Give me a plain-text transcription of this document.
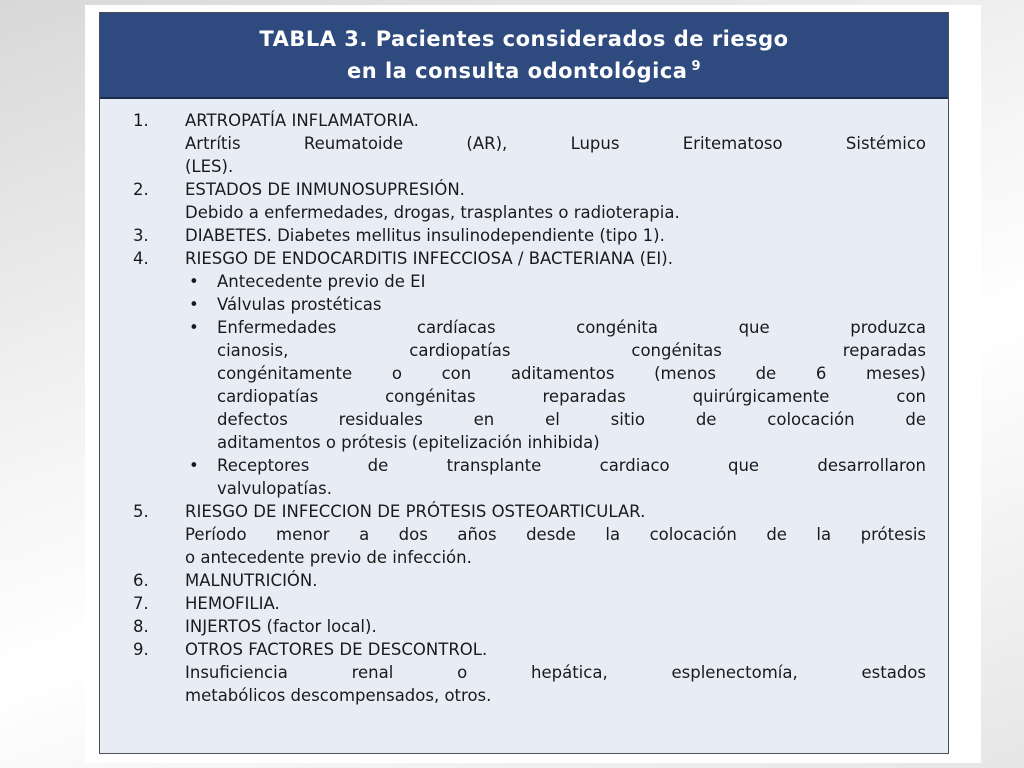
TABLA 3. Pacientes considerados de riesgo
en la consulta odontológica $^9$
1.	ARTROPATÍA INFLAMATORIA.
Artrítis Reumatoide (AR), Lupus Eritematoso Sistémico
(LES).
2.	ESTADOS DE INMUNOSUPRESIÓN.
Debido a enfermedades, drogas, trasplantes o radioterapia.
3.	DIABETES. Diabetes mellitus insulinodependiente (tipo 1).
4.	RIESGO DE ENDOCARDITIS INFECCIOSA / BACTERIANA (EI).
•	Antecedente previo de EI
•	Válvulas prostéticas
•	Enfermedades cardíacas congénita que produzca
cianosis, cardiopatías congénitas reparadas
congénitamente o con aditamentos (menos de 6 meses)
cardiopatías congénitas reparadas quirúrgicamente con
defectos residuales en el sitio de colocación de
aditamentos o prótesis (epitelización inhibida)
•	Receptores de transplante cardiaco que desarrollaron
valvulopatías.
5.	RIESGO DE INFECCION DE PRÓTESIS OSTEOARTICULAR.
Período menor a dos años desde la colocación de la prótesis
o antecedente previo de infección.
6.	MALNUTRICIÓN.
7.	HEMOFILIA.
8.	INJERTOS (factor local).
9.	OTROS FACTORES DE DESCONTROL.
Insuficiencia renal o hepática, esplenectomía, estados
metabólicos descompensados, otros.
